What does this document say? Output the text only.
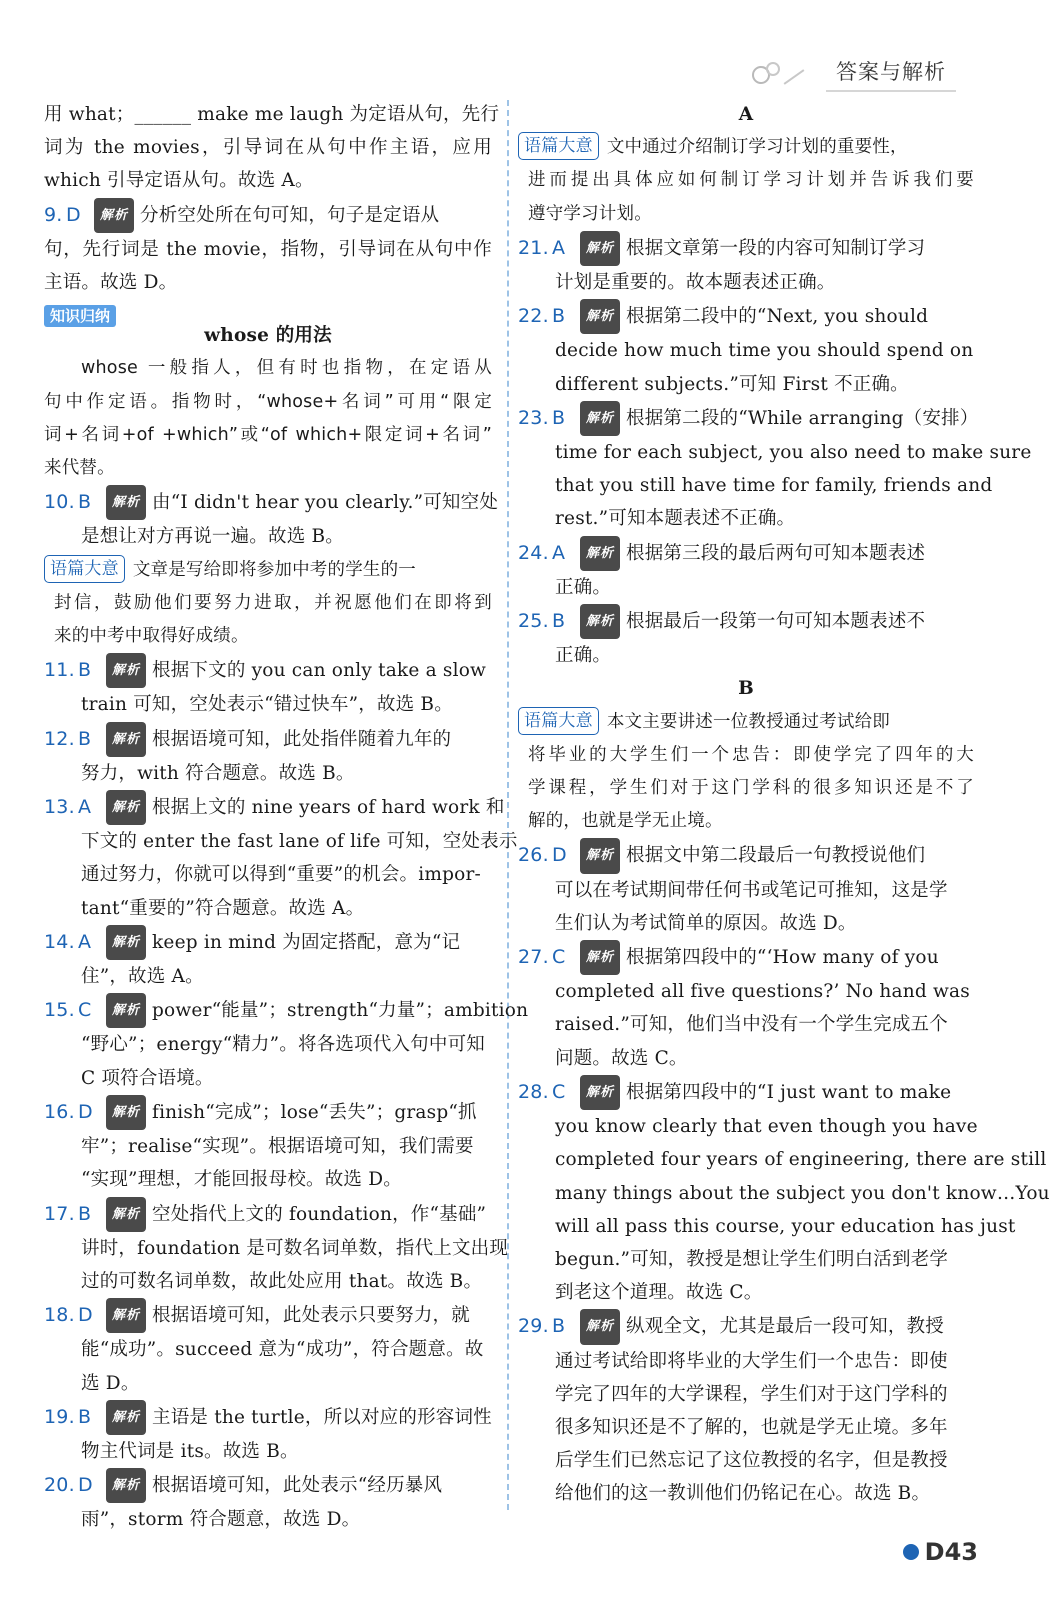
答案与解析
用 what；______ make me laugh 为定语从句，先行
词为 the movies，引导词在从句中作主语，应用
which 引导定语从句。故选 A。
9. D 解析 分析空处所在句可知，句子是定语从
句，先行词是 the movie，指物，引导词在从句中作
主语。故选 D。
知识归纳
whose 的用法
whose 一般指人，但有时也指物，在定语从
句中作定语。指物时，“whose+名词”可用“限定
词+名词+of +which”或“of which+限定词+名词”
来代替。
10. B 解析 由“I didn't hear you clearly.”可知空处
是想让对方再说一遍。故选 B。
语篇大意 文章是写给即将参加中考的学生的一
封信，鼓励他们要努力进取，并祝愿他们在即将到
来的中考中取得好成绩。
11. B 解析 根据下文的 you can only take a slow
train 可知，空处表示“错过快车”，故选 B。
12. B 解析 根据语境可知，此处指伴随着九年的
努力，with 符合题意。故选 B。
13. A 解析 根据上文的 nine years of hard work 和
下文的 enter the fast lane of life 可知，空处表示
通过努力，你就可以得到“重要”的机会。impor-
tant“重要的”符合题意。故选 A。
14. A 解析 keep in mind 为固定搭配，意为“记
住”，故选 A。
15. C 解析 power“能量”；strength“力量”；ambition
“野心”；energy“精力”。将各选项代入句中可知
C 项符合语境。
16. D 解析 finish“完成”；lose“丢失”；grasp“抓
牢”；realise“实现”。根据语境可知，我们需要
“实现”理想，才能回报母校。故选 D。
17. B 解析 空处指代上文的 foundation，作“基础”
讲时，foundation 是可数名词单数，指代上文出现
过的可数名词单数，故此处应用 that。故选 B。
18. D 解析 根据语境可知，此处表示只要努力，就
能“成功”。succeed 意为“成功”，符合题意。故
选 D。
19. B 解析 主语是 the turtle，所以对应的形容词性
物主代词是 its。故选 B。
20. D 解析 根据语境可知，此处表示“经历暴风
雨”，storm 符合题意，故选 D。
A
语篇大意 文中通过介绍制订学习计划的重要性，
进而提出具体应如何制订学习计划并告诉我们要
遵守学习计划。
21. A 解析 根据文章第一段的内容可知制订学习
计划是重要的。故本题表述正确。
22. B 解析 根据第二段中的“Next, you should
decide how much time you should spend on
different subjects.”可知 First 不正确。
23. B 解析 根据第二段的“While arranging（安排）
time for each subject, you also need to make sure
that you still have time for family, friends and
rest.”可知本题表述不正确。
24. A 解析 根据第三段的最后两句可知本题表述
正确。
25. B 解析 根据最后一段第一句可知本题表述不
正确。
B
语篇大意 本文主要讲述一位教授通过考试给即
将毕业的大学生们一个忠告：即使学完了四年的大
学课程，学生们对于这门学科的很多知识还是不了
解的，也就是学无止境。
26. D 解析 根据文中第二段最后一句教授说他们
可以在考试期间带任何书或笔记可推知，这是学
生们认为考试简单的原因。故选 D。
27. C 解析 根据第四段中的“‘How many of you
completed all five questions?’ No hand was
raised.”可知，他们当中没有一个学生完成五个
问题。故选 C。
28. C 解析 根据第四段中的“I just want to make
you know clearly that even though you have
completed four years of engineering, there are still
many things about the subject you don't know…You
will all pass this course, your education has just
begun.”可知，教授是想让学生们明白活到老学
到老这个道理。故选 C。
29. B 解析 纵观全文，尤其是最后一段可知，教授
通过考试给即将毕业的大学生们一个忠告：即使
学完了四年的大学课程，学生们对于这门学科的
很多知识还是不了解的，也就是学无止境。多年
后学生们已然忘记了这位教授的名字，但是教授
给他们的这一教训他们仍铭记在心。故选 B。
D43
